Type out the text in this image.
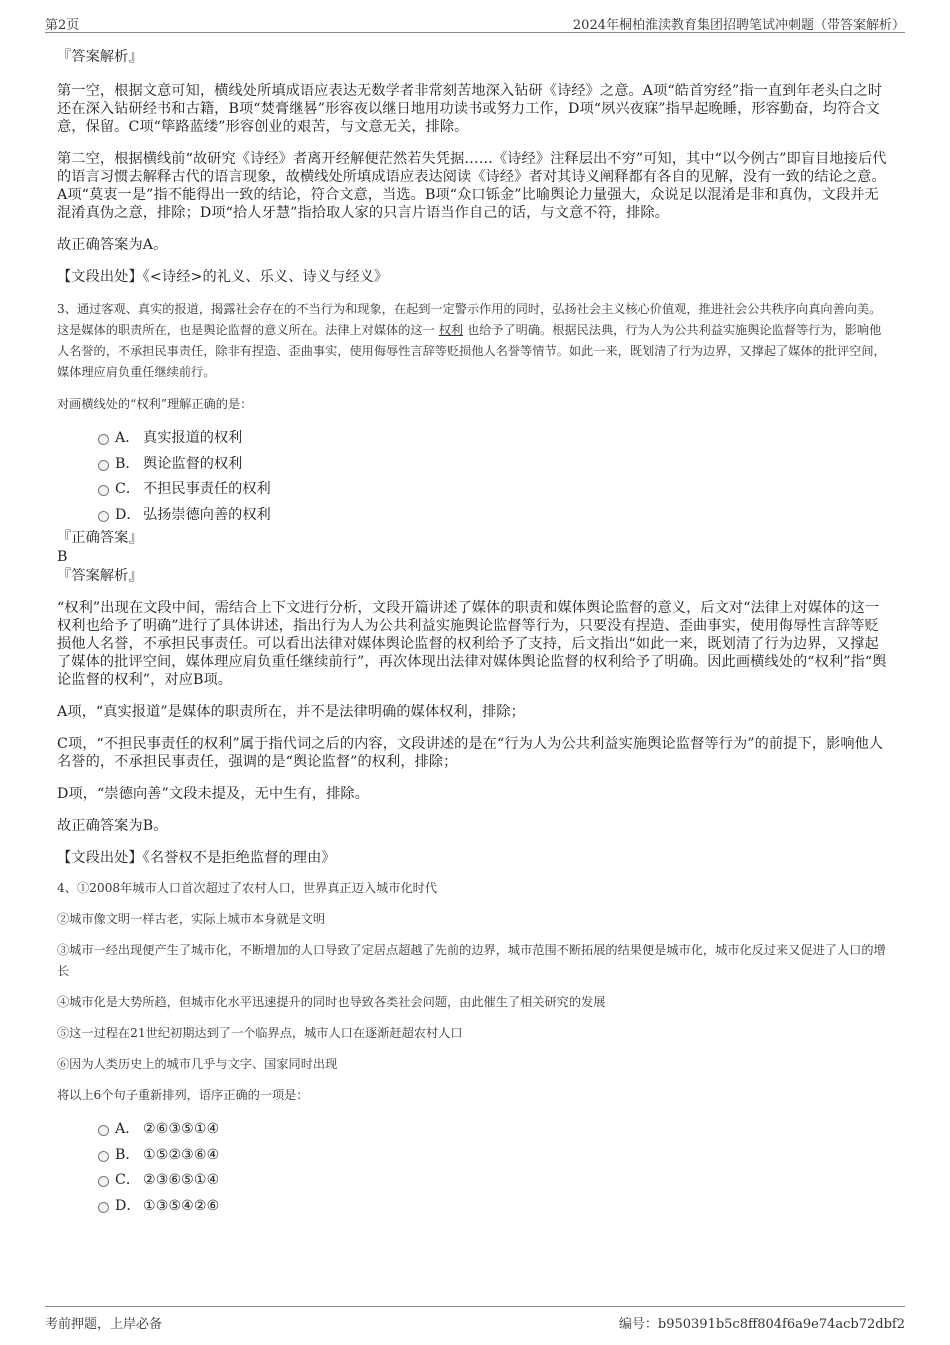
第2页	2024年桐柏淮渎教育集团招聘笔试冲刺题（带答案解析）

『答案解析』

第一空，根据文意可知，横线处所填成语应表达无数学者非常刻苦地深入钻研《诗经》之意。A项“皓首穷经”指一直到年老头白之时还在深入钻研经书和古籍，B项“焚膏继晷”形容夜以继日地用功读书或努力工作，D项“夙兴夜寐”指早起晚睡，形容勤奋，均符合文意，保留。C项“筚路蓝缕”形容创业的艰苦，与文意无关，排除。

第二空，根据横线前“故研究《诗经》者离开经解便茫然若失凭据……《诗经》注释层出不穷”可知，其中“以今例古”即盲目地接后代的语言习惯去解释古代的语言现象，故横线处所填成语应表达阅读《诗经》者对其诗义阐释都有各自的见解，没有一致的结论之意。A项“莫衷一是”指不能得出一致的结论，符合文意，当选。B项“众口铄金”比喻舆论力量强大，众说足以混淆是非和真伪，文段并无混淆真伪之意，排除；D项“拾人牙慧”指拾取人家的只言片语当作自己的话，与文意不符，排除。

故正确答案为A。

【文段出处】《<诗经>的礼义、乐义、诗义与经义》

3、通过客观、真实的报道，揭露社会存在的不当行为和现象，在起到一定警示作用的同时，弘扬社会主义核心价值观，推进社会公共秩序向真向善向美。这是媒体的职责所在，也是舆论监督的意义所在。法律上对媒体的这一 权利 也给予了明确。根据民法典，行为人为公共利益实施舆论监督等行为，影响他人名誉的，不承担民事责任，除非有捏造、歪曲事实，使用侮辱性言辞等贬损他人名誉等情节。如此一来，既划清了行为边界，又撑起了媒体的批评空间，媒体理应肩负重任继续前行。

对画横线处的“权利”理解正确的是：

A． 真实报道的权利
B． 舆论监督的权利
C． 不担民事责任的权利
D． 弘扬崇德向善的权利

『正确答案』

B

『答案解析』

“权利”出现在文段中间，需结合上下文进行分析，文段开篇讲述了媒体的职责和媒体舆论监督的意义，后文对“法律上对媒体的这一权利也给予了明确”进行了具体讲述，指出行为人为公共利益实施舆论监督等行为，只要没有捏造、歪曲事实，使用侮辱性言辞等贬损他人名誉，不承担民事责任。可以看出法律对媒体舆论监督的权利给予了支持，后文指出“如此一来，既划清了行为边界，又撑起了媒体的批评空间，媒体理应肩负重任继续前行”，再次体现出法律对媒体舆论监督的权利给予了明确。因此画横线处的“权利”指“舆论监督的权利”，对应B项。

A项，“真实报道”是媒体的职责所在，并不是法律明确的媒体权利，排除；

C项，“不担民事责任的权利”属于指代词之后的内容，文段讲述的是在“行为人为公共利益实施舆论监督等行为”的前提下，影响他人名誉的，不承担民事责任，强调的是“舆论监督”的权利，排除；

D项，“崇德向善”文段未提及，无中生有，排除。

故正确答案为B。

【文段出处】《名誉权不是拒绝监督的理由》

4、①2008年城市人口首次超过了农村人口，世界真正迈入城市化时代

②城市像文明一样古老，实际上城市本身就是文明

③城市一经出现便产生了城市化，不断增加的人口导致了定居点超越了先前的边界，城市范围不断拓展的结果便是城市化，城市化反过来又促进了人口的增长

④城市化是大势所趋，但城市化水平迅速提升的同时也导致各类社会问题，由此催生了相关研究的发展

⑤这一过程在21世纪初期达到了一个临界点，城市人口在逐渐赶超农村人口

⑥因为人类历史上的城市几乎与文字、国家同时出现

将以上6个句子重新排列，语序正确的一项是：

A． ②⑥③⑤①④
B． ①⑤②③⑥④
C． ②③⑥⑤①④
D． ①③⑤④②⑥
考前押题，上岸必备	编号：b950391b5c8ff804f6a9e74acb72dbf2
